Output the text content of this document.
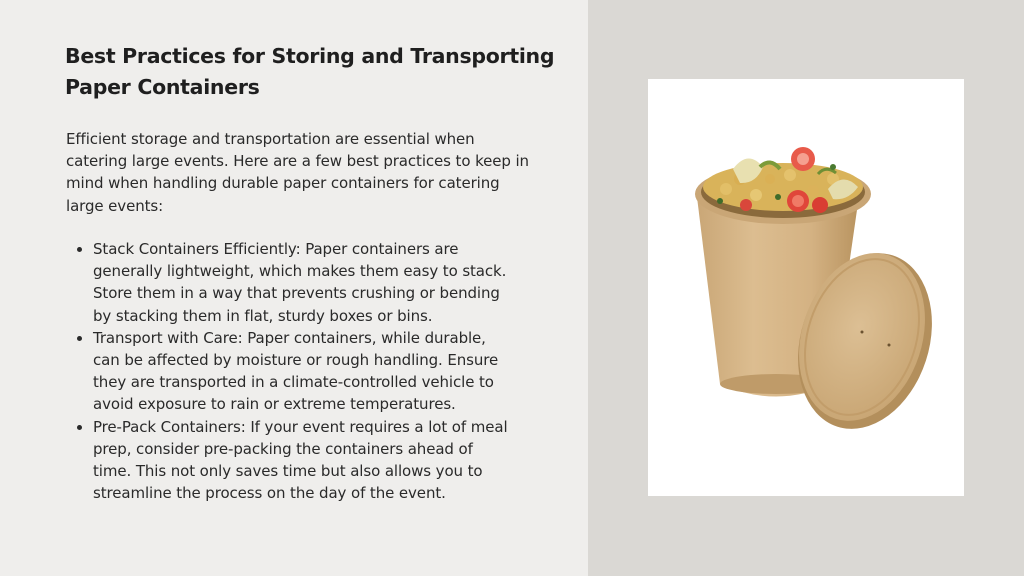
Best Practices for Storing and Transporting Paper Containers

Efficient storage and transportation are essential when catering large events. Here are a few best practices to keep in mind when handling durable paper containers for catering large events:

Stack Containers Efficiently: Paper containers are generally lightweight, which makes them easy to stack. Store them in a way that prevents crushing or bending by stacking them in flat, sturdy boxes or bins.
Transport with Care: Paper containers, while durable, can be affected by moisture or rough handling. Ensure they are transported in a climate-controlled vehicle to avoid exposure to rain or extreme temperatures.
Pre-Pack Containers: If your event requires a lot of meal prep, consider pre-packing the containers ahead of time. This not only saves time but also allows you to streamline the process on the day of the event.
